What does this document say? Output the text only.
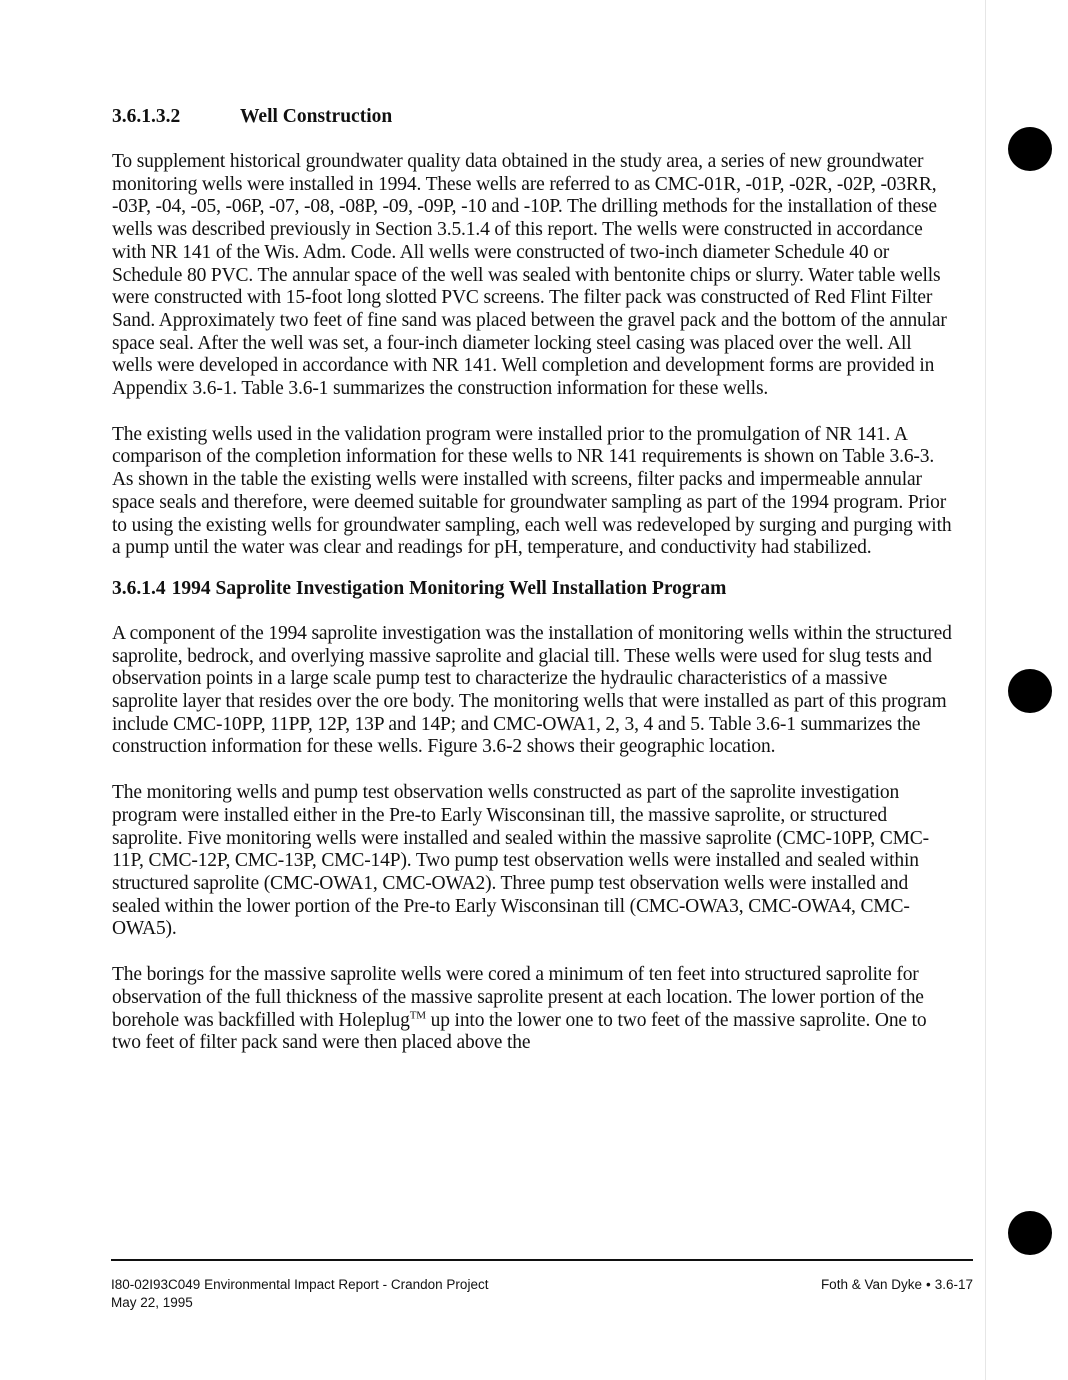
3.6.1.3.2	Well Construction

To supplement historical groundwater quality data obtained in the study area, a series of new groundwater monitoring wells were installed in 1994. These wells are referred to as CMC-01R, -01P, -02R, -02P, -03RR, -03P, -04, -05, -06P, -07, -08, -08P, -09, -09P, -10 and -10P. The drilling methods for the installation of these wells was described previously in Section 3.5.1.4 of this report. The wells were constructed in accordance with NR 141 of the Wis. Adm. Code. All wells were constructed of two-inch diameter Schedule 40 or Schedule 80 PVC. The annular space of the well was sealed with bentonite chips or slurry. Water table wells were constructed with 15-foot long slotted PVC screens. The filter pack was constructed of Red Flint Filter Sand. Approximately two feet of fine sand was placed between the gravel pack and the bottom of the annular space seal. After the well was set, a four-inch diameter locking steel casing was placed over the well. All wells were developed in accordance with NR 141. Well completion and development forms are provided in Appendix 3.6-1. Table 3.6-1 summarizes the construction information for these wells.

The existing wells used in the validation program were installed prior to the promulgation of NR 141. A comparison of the completion information for these wells to NR 141 requirements is shown on Table 3.6-3. As shown in the table the existing wells were installed with screens, filter packs and impermeable annular space seals and therefore, were deemed suitable for groundwater sampling as part of the 1994 program. Prior to using the existing wells for groundwater sampling, each well was redeveloped by surging and purging with a pump until the water was clear and readings for pH, temperature, and conductivity had stabilized.

3.6.1.4 1994 Saprolite Investigation Monitoring Well Installation Program

A component of the 1994 saprolite investigation was the installation of monitoring wells within the structured saprolite, bedrock, and overlying massive saprolite and glacial till. These wells were used for slug tests and observation points in a large scale pump test to characterize the hydraulic characteristics of a massive saprolite layer that resides over the ore body. The monitoring wells that were installed as part of this program include CMC-10PP, 11PP, 12P, 13P and 14P; and CMC-OWA1, 2, 3, 4 and 5. Table 3.6-1 summarizes the construction information for these wells. Figure 3.6-2 shows their geographic location.

The monitoring wells and pump test observation wells constructed as part of the saprolite investigation program were installed either in the Pre-to Early Wisconsinan till, the massive saprolite, or structured saprolite. Five monitoring wells were installed and sealed within the massive saprolite (CMC-10PP, CMC-11P, CMC-12P, CMC-13P, CMC-14P). Two pump test observation wells were installed and sealed within structured saprolite (CMC-OWA1, CMC-OWA2). Three pump test observation wells were installed and sealed within the lower portion of the Pre-to Early Wisconsinan till (CMC-OWA3, CMC-OWA4, CMC-OWA5).

The borings for the massive saprolite wells were cored a minimum of ten feet into structured saprolite for observation of the full thickness of the massive saprolite present at each location. The lower portion of the borehole was backfilled with Holeplug™ up into the lower one to two feet of the massive saprolite. One to two feet of filter pack sand were then placed above the

I80-02I93C049 Environmental Impact Report - Crandon Project
May 22, 1995
Foth & Van Dyke • 3.6-17
